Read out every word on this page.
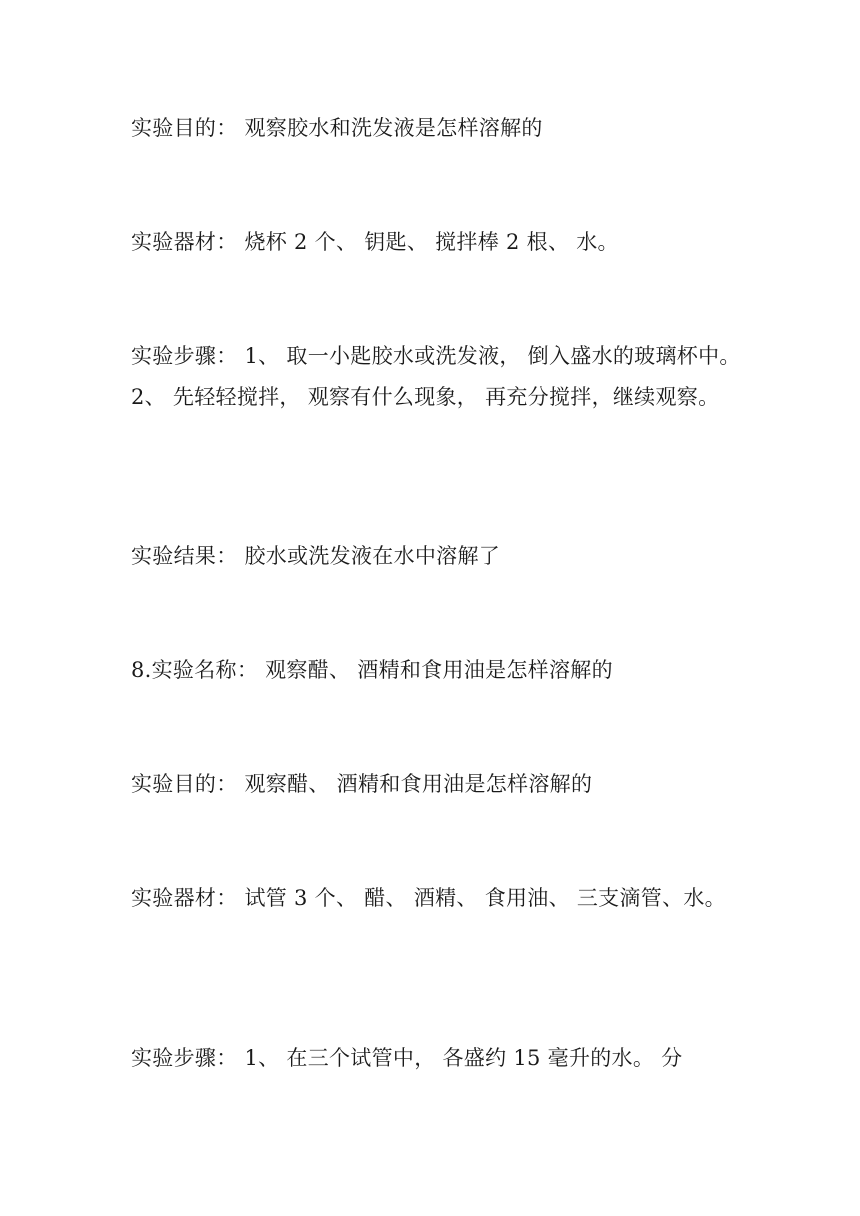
实验目的： 观察胶水和洗发液是怎样溶解的

实验器材： 烧杯 2 个、 钥匙、 搅拌棒 2 根、 水。

实验步骤： 1、 取一小匙胶水或洗发液， 倒入盛水的玻璃杯中。 2、 先轻轻搅拌， 观察有什么现象， 再充分搅拌，继续观察。

实验结果： 胶水或洗发液在水中溶解了

8.实验名称： 观察醋、 酒精和食用油是怎样溶解的

实验目的： 观察醋、 酒精和食用油是怎样溶解的

实验器材： 试管 3 个、 醋、 酒精、 食用油、 三支滴管、水。

实验步骤： 1、 在三个试管中， 各盛约 15 毫升的水。 分
